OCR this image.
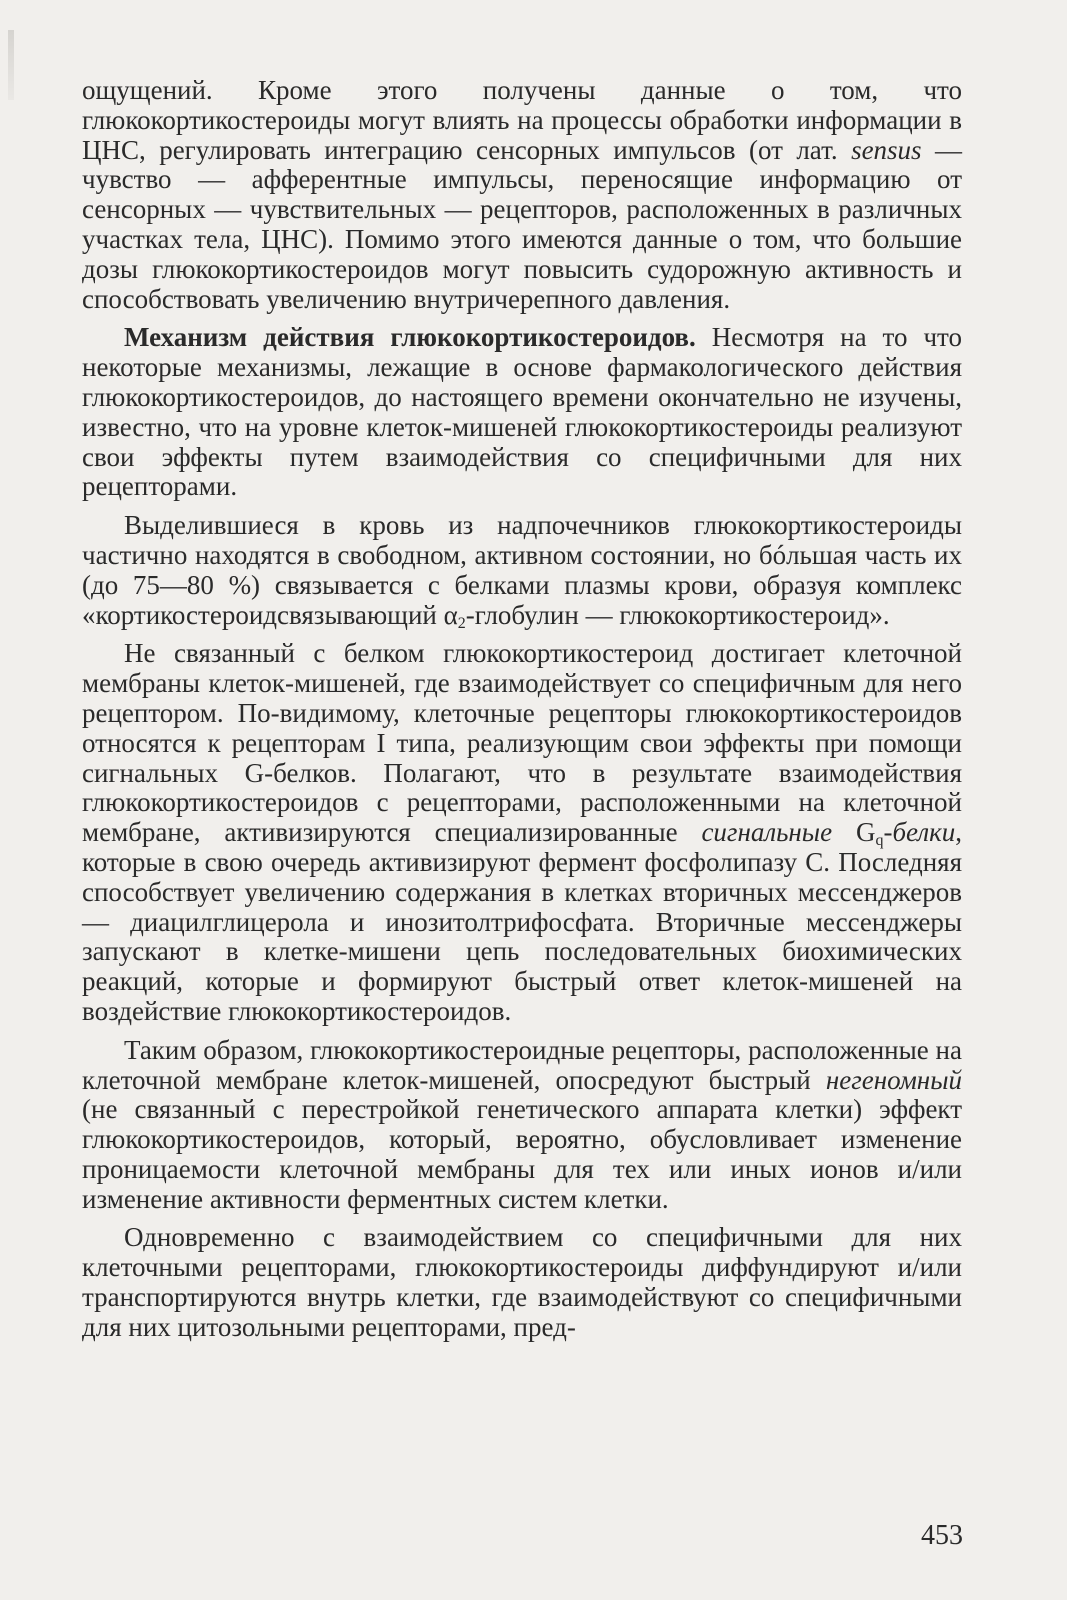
ощущений. Кроме этого получены данные о том, что глюкокортикостероиды могут влиять на процессы обработки информации в ЦНС, регулировать интеграцию сенсорных импульсов (от лат. sensus — чувство — афферентные импульсы, переносящие информацию от сенсорных — чувствительных — рецепторов, расположенных в различных участках тела, ЦНС). Помимо этого имеются данные о том, что большие дозы глюкокортикостероидов могут повысить судорожную активность и способствовать увеличению внутричерепного давления.

Механизм действия глюкокортикостероидов. Несмотря на то что некоторые механизмы, лежащие в основе фармакологического действия глюкокортикостероидов, до настоящего времени окончательно не изучены, известно, что на уровне клеток-мишеней глюкокортикостероиды реализуют свои эффекты путем взаимодействия со специфичными для них рецепторами.

Выделившиеся в кровь из надпочечников глюкокортикостероиды частично находятся в свободном, активном состоянии, но бóльшая часть их (до 75—80 %) связывается с белками плазмы крови, образуя комплекс «кортикостероидсвязывающий $\alpha_2$-глобулин — глюкокортикостероид».

Не связанный с белком глюкокортикостероид достигает клеточной мембраны клеток-мишеней, где взаимодействует со специфичным для него рецептором. По-видимому, клеточные рецепторы глюкокортикостероидов относятся к рецепторам I типа, реализующим свои эффекты при помощи сигнальных G-белков. Полагают, что в результате взаимодействия глюкокортикостероидов с рецепторами, расположенными на клеточной мембране, активизируются специализированные сигнальные $G_q$-белки, которые в свою очередь активизируют фермент фосфолипазу С. Последняя способствует увеличению содержания в клетках вторичных мессенджеров — диацилглицерола и инозитолтрифосфата. Вторичные мессенджеры запускают в клетке-мишени цепь последовательных биохимических реакций, которые и формируют быстрый ответ клеток-мишеней на воздействие глюкокортикостероидов.

Таким образом, глюкокортикостероидные рецепторы, расположенные на клеточной мембране клеток-мишеней, опосредуют быстрый негеномный (не связанный с перестройкой генетического аппарата клетки) эффект глюкокортикостероидов, который, вероятно, обусловливает изменение проницаемости клеточной мембраны для тех или иных ионов и/или изменение активности ферментных систем клетки.

Одновременно с взаимодействием со специфичными для них клеточными рецепторами, глюкокортикостероиды диффундируют и/или транспортируются внутрь клетки, где взаимодействуют со специфичными для них цитозольными рецепторами, пред-

453
